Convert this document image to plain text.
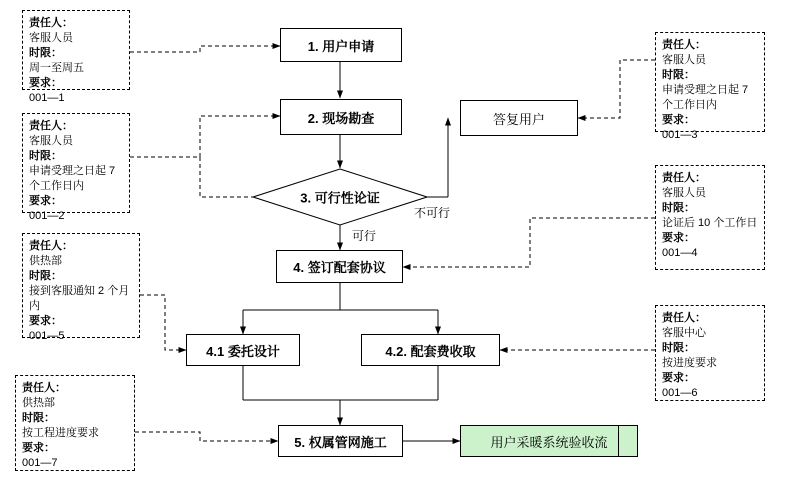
1. 用户申请
2. 现场勘查	答复用户
3. 可行性论证
不可行
可行
4. 签订配套协议
4.1 委托设计	4.2. 配套费收取
5. 权属管网施工	用户采暖系统验收流
责任人：
客服人员
时限：
周一至周五
要求：
001—1
责任人：
客服人员
时限：
申请受理之日起 7 个工作日内
要求：
001—2
责任人：
客服人员
时限：
申请受理之日起 7 个工作日内
要求：
001—3
责任人：
客服人员
时限：
论证后 10 个工作日
要求：
001—4
责任人：
供热部
时限：
接到客服通知 2 个月内
要求：
001—5
责任人：
客服中心
时限：
按进度要求
要求：
001—6
责任人：
供热部
时限：
按工程进度要求
要求：
001—7
